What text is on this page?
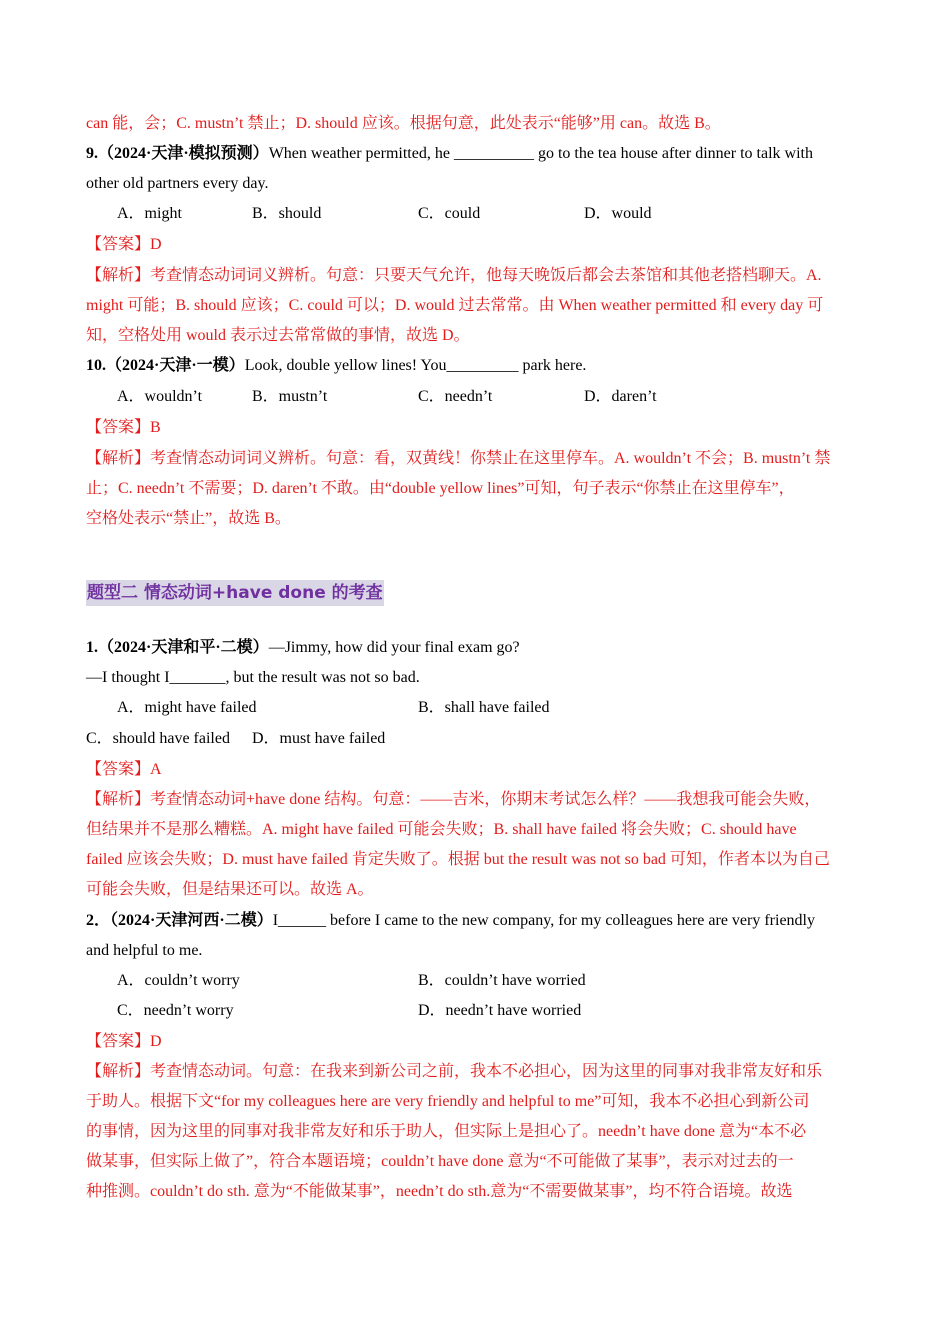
can 能，会；C. mustn’t 禁止；D. should 应该。根据句意，此处表示“能够”用 can。故选 B。
9.（2024·天津·模拟预测）When weather permitted, he __________ go to the tea house after dinner to talk with
other old partners every day.
A．might	B．should	C．could	D．would
【答案】D
【解析】考查情态动词词义辨析。句意：只要天气允许，他每天晚饭后都会去茶馆和其他老搭档聊天。A.
might 可能；B. should 应该；C. could 可以；D. would 过去常常。由 When weather permitted 和 every day 可
知，空格处用 would 表示过去常常做的事情，故选 D。
10.（2024·天津·一模）Look, double yellow lines! You_________ park here.
A．wouldn’t	B．mustn’t	C．needn’t	D．daren’t
【答案】B
【解析】考查情态动词词义辨析。句意：看，双黄线！你禁止在这里停车。A. wouldn’t 不会；B. mustn’t 禁
止；C. needn’t 不需要；D. daren’t 不敢。由“double yellow lines”可知，句子表示“你禁止在这里停车”，
空格处表示“禁止”，故选 B。
题型二 情态动词+have done 的考查
1.（2024·天津和平·二模）—Jimmy, how did your final exam go?
—I thought I_______, but the result was not so bad.
A．might have failed	B．shall have failed
C．should have failed D．must have failed
【答案】A
【解析】考查情态动词+have done 结构。句意：——吉米，你期末考试怎么样？——我想我可能会失败，
但结果并不是那么糟糕。A. might have failed 可能会失败；B. shall have failed 将会失败；C. should have
failed 应该会失败；D. must have failed 肯定失败了。根据 but the result was not so bad 可知，作者本以为自己
可能会失败，但是结果还可以。故选 A。
2．（2024·天津河西·二模）I______ before I came to the new company, for my colleagues here are very friendly
and helpful to me.
A．couldn’t worry	B．couldn’t have worried
C．needn’t worry	D．needn’t have worried
【答案】D
【解析】考查情态动词。句意：在我来到新公司之前，我本不必担心，因为这里的同事对我非常友好和乐
于助人。根据下文“for my colleagues here are very friendly and helpful to me”可知，我本不必担心到新公司
的事情，因为这里的同事对我非常友好和乐于助人，但实际上是担心了。needn’t have done 意为“本不必
做某事，但实际上做了”，符合本题语境；couldn’t have done 意为“不可能做了某事”，表示对过去的一
种推测。couldn’t do sth. 意为“不能做某事”，needn’t do sth.意为“不需要做某事”，均不符合语境。故选
